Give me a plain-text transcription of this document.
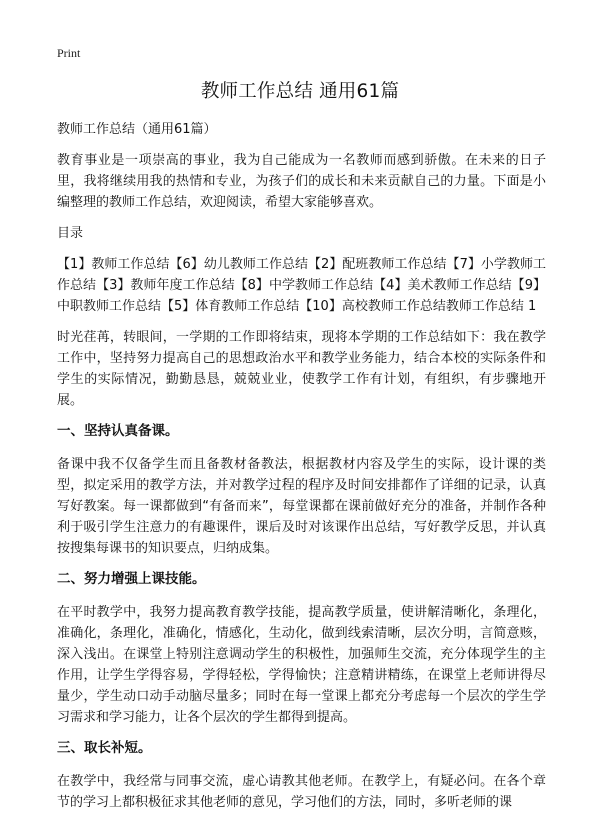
Print
教师工作总结 通用61篇

教师工作总结（通用61篇）

教育事业是一项崇高的事业，我为自己能成为一名教师而感到骄傲。在未来的日子里，我将继续用我的热情和专业，为孩子们的成长和未来贡献自己的力量。下面是小编整理的教师工作总结，欢迎阅读，希望大家能够喜欢。

目录

【1】教师工作总结【6】幼儿教师工作总结【2】配班教师工作总结【7】小学教师工作总结【3】教师年度工作总结【8】中学教师工作总结【4】美术教师工作总结【9】中职教师工作总结【5】体育教师工作总结【10】高校教师工作总结教师工作总结 1

时光荏苒，转眼间，一学期的工作即将结束，现将本学期的工作总结如下：我在教学工作中，坚持努力提高自己的思想政治水平和教学业务能力，结合本校的实际条件和学生的实际情况，勤勤恳恳，兢兢业业，使教学工作有计划，有组织，有步骤地开展。

一、坚持认真备课。

备课中我不仅备学生而且备教材备教法，根据教材内容及学生的实际，设计课的类型，拟定采用的教学方法，并对教学过程的程序及时间安排都作了详细的记录，认真写好教案。每一课都做到“有备而来”，每堂课都在课前做好充分的准备，并制作各种利于吸引学生注意力的有趣课件，课后及时对该课作出总结，写好教学反思，并认真按搜集每课书的知识要点，归纳成集。

二、努力增强上课技能。

在平时教学中，我努力提高教育教学技能，提高教学质量，使讲解清晰化，条理化，准确化，条理化，准确化，情感化，生动化，做到线索清晰，层次分明，言简意赅，深入浅出。在课堂上特别注意调动学生的积极性，加强师生交流，充分体现学生的主作用，让学生学得容易，学得轻松，学得愉快；注意精讲精练，在课堂上老师讲得尽量少，学生动口动手动脑尽量多；同时在每一堂课上都充分考虑每一个层次的学生学习需求和学习能力，让各个层次的学生都得到提高。

三、取长补短。

在教学中，我经常与同事交流，虚心请教其他老师。在教学上，有疑必问。在各个章节的学习上都积极征求其他老师的意见，学习他们的方法，同时，多听老师的课
